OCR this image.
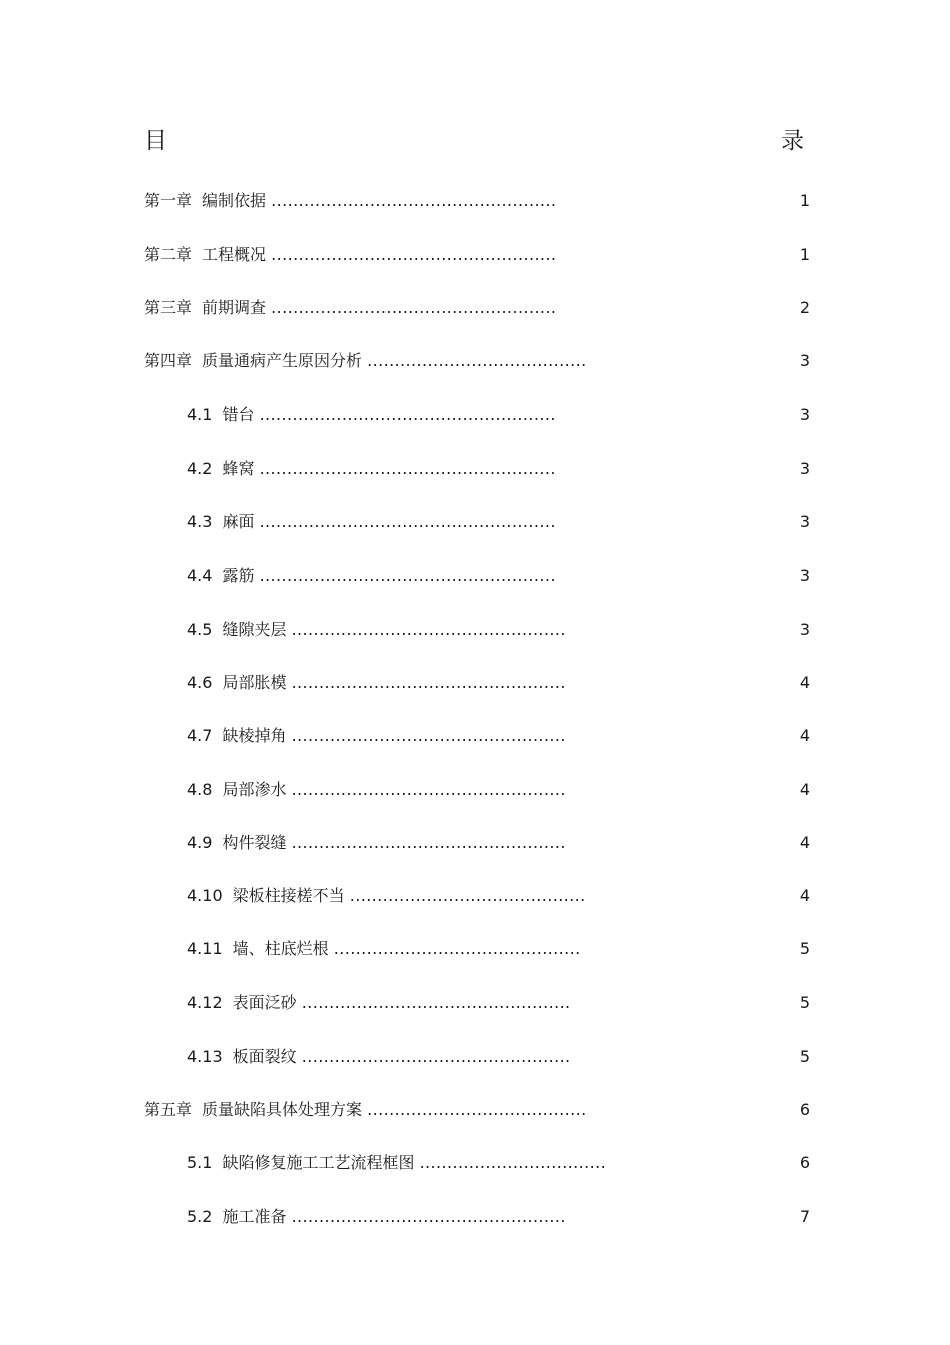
目	录
第一章 编制依据 ....................................................	1
第二章 工程概况 ....................................................	1
第三章 前期调查 ....................................................	2
第四章 质量通病产生原因分析 ........................................	3
4.1 错台 ......................................................	3
4.2 蜂窝 ......................................................	3
4.3 麻面 ......................................................	3
4.4 露筋 ......................................................	3
4.5 缝隙夹层 ..................................................	3
4.6 局部胀模 ..................................................	4
4.7 缺棱掉角 ..................................................	4
4.8 局部渗水 ..................................................	4
4.9 构件裂缝 ..................................................	4
4.10 梁板柱接槎不当 ...........................................	4
4.11 墙、柱底烂根 .............................................	5
4.12 表面泛砂 .................................................	5
4.13 板面裂纹 .................................................	5
第五章 质量缺陷具体处理方案 ........................................	6
5.1 缺陷修复施工工艺流程框图 ..................................	6
5.2 施工准备 ..................................................	7
